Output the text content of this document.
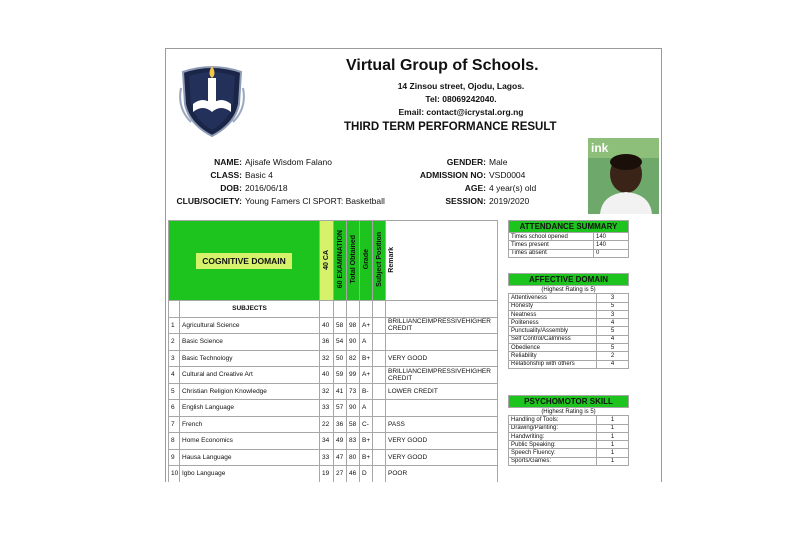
Virtual Group of Schools.
14 Zinsou street, Ojodu, Lagos.
Tel: 08069242040.
Email: contact@icrystal.org.ng
THIRD TERM PERFORMANCE RESULT
ink
NAME: Ajisafe Wisdom Falano
CLASS: Basic 4
DOB: 2016/06/18
CLUB/SOCIETY: Young Famers Cl SPORT: Basketball
GENDER: Male
ADMISSION NO: VSD0004
AGE: 4 year(s) old
SESSION: 2019/2020
COGNITIVE DOMAIN		40 CA	60 EXAMINATION	Total Obtained	Grade	Subject Position	Remark
	SUBJECTS						
1	Agricultural Science	40	58	98	A+		BRILLIANCEIMPRESSIVEHIGHER CREDIT
2	Basic Science	36	54	90	A		
3	Basic Technology	32	50	82	B+		VERY GOOD
4	Cultural and Creative Art	40	59	99	A+		BRILLIANCEIMPRESSIVEHIGHER CREDIT
5	Christian Religion Knowledge	32	41	73	B-		LOWER CREDIT
6	English Language	33	57	90	A		
7	French	22	36	58	C-		PASS
8	Home Economics	34	49	83	B+		VERY GOOD
9	Hausa Language	33	47	80	B+		VERY GOOD
10	Igbo Language	19	27	46	D		POOR
ATTENDANCE SUMMARY	
Times school opened	140
Times present	140
Times absent	0
AFFECTIVE DOMAIN	
(Highest Rating is 5)	
Attentiveness	3
Honesty	5
Neatness	3
Politeness	4
Punctuality/Assembly	5
Self Control/Calmness	4
Obedience	5
Reliability	2
Relationship with others	4
PSYCHOMOTOR SKILL	
(Highest Rating is 5)	
Handling of Tools:	1
Drawing/Painting:	1
Handwriting:	1
Public Speaking:	1
Speech Fluency:	1
Sports/Games:	1
